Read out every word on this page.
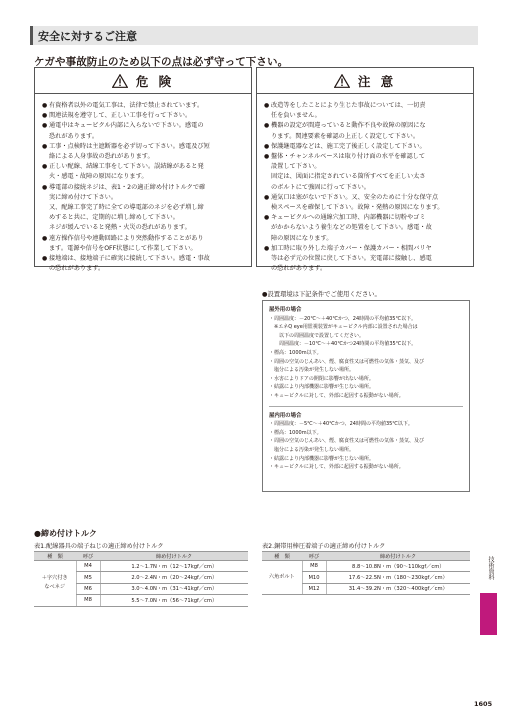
安全に対するご注意
ケガや事故防止のため以下の点は必ず守って下さい。
危 険
● 有資格者以外の電気工事は、法律で禁止されています。
● 関連法規を遵守して、正しい工事を行って下さい。
● 通電中はキュービクル内部に入らないで下さい。感電の
恐れがあります。
● 工事・点検時は主遮断器を必ず切って下さい。感電及び短
絡による人身事故の恐れがあります。
● 正しい配線、結線工事をして下さい。誤結線があると発
火・感電・故障の原因になります。
● 導電部の接続ネジは、表1・2の適正締め付けトルクで確
実に締め付けて下さい。
又、配線工事完了時に全ての導電部のネジを必ず増し締
めすると共に、定期的に増し締めして下さい。
ネジが緩んでいると発熱・火災の恐れがあります。
● 遠方操作信号や連動回路により突然動作することがあり
ます。電源や信号をOFF状態にして作業して下さい。
● 接地端は、接地端子に確実に接続して下さい。感電・事故
の恐れがあります。
注 意
● 改造等をしたことにより生じた事故については、一切責
任を負いません。
● 機器の設定が間違っていると動作不良や故障の原因にな
ります。関連要素を確認の上正しく設定して下さい。
● 保護継電器などは、施工完了後正しく設定して下さい。
● 盤体・チャンネルベースは取り付け面の水平を確認して
設置して下さい。
固定は、図面に指定されている箇所すべてを正しい太さ
のボルトにて強固に行って下さい。
● 通気口は塞がないで下さい。又、安全のために十分な保守点
検スペースを確保して下さい。故障・発熱の原因になります。
● キュービクルへの通線穴加工時、内部機器に切粉やゴミ
がかからないよう養生などの処置をして下さい。感電・故
障の原因になります。
● 加工時に取り外した端子カバー・保護カバー・相間バリヤ
等は必ず元の位置に戻して下さい。充電部に接触し、感電
の恐れがあります。
●設置環境は下記条件でご使用ください。
屋外用の場合
・周囲温度：－20℃～＋40℃かつ、24時間の平均値35℃以下。
　※エネQ eye用監視装置がキュービクル内部に設置された場合は
　　以下の周囲温度で設置してください。
　　周囲温度：－10℃～＋40℃かつ24時間の平均値35℃以下。
・標高：1000m以下。
・周囲の空気のじんあい、煙、腐食性又は可燃性の気体・蒸気、及び
　塩分による汚染が発生しない場所。
・水害によりドアの開閉に影響が出ない場所。
・結露により内部機器に影響が生じない場所。
・キュービクルに対して、外部に起因する振動がない場所。
屋内用の場合
・周囲温度：－5℃～＋40℃かつ、24時間の平均値35℃以下。
・標高：1000m以下。
・周囲の空気のじんあい、煙、腐食性又は可燃性の気体・蒸気、及び
　塩分による汚染が発生しない場所。
・結露により内部機器に影響が生じない場所。
・キュービクルに対して、外部に起因する振動がない場所。
●締め付けトルク
表1.配線器具の端子ねじの適正締め付けトルク
種　類	呼び	締め付けトルク
＋字穴付き
なべネジ	M4	1.2～1.7N・m（12～17kgf／cm）
	M5	2.0～2.4N・m（20～24kgf／cm）
	M6	3.0～4.0N・m（31～41kgf／cm）
	M8	5.5～7.0N・m（56～71kgf／cm）
表2.銅帯用棒圧着端子の適正締め付けトルク
種　類	呼び	締め付けトルク
六角ボルト	M8	8.8～10.8N・m（90～110kgf／cm）
	M10	17.6～22.5N・m（180～230kgf／cm）
	M12	31.4～39.2N・m（320～400kgf／cm）
技術資料
1605
